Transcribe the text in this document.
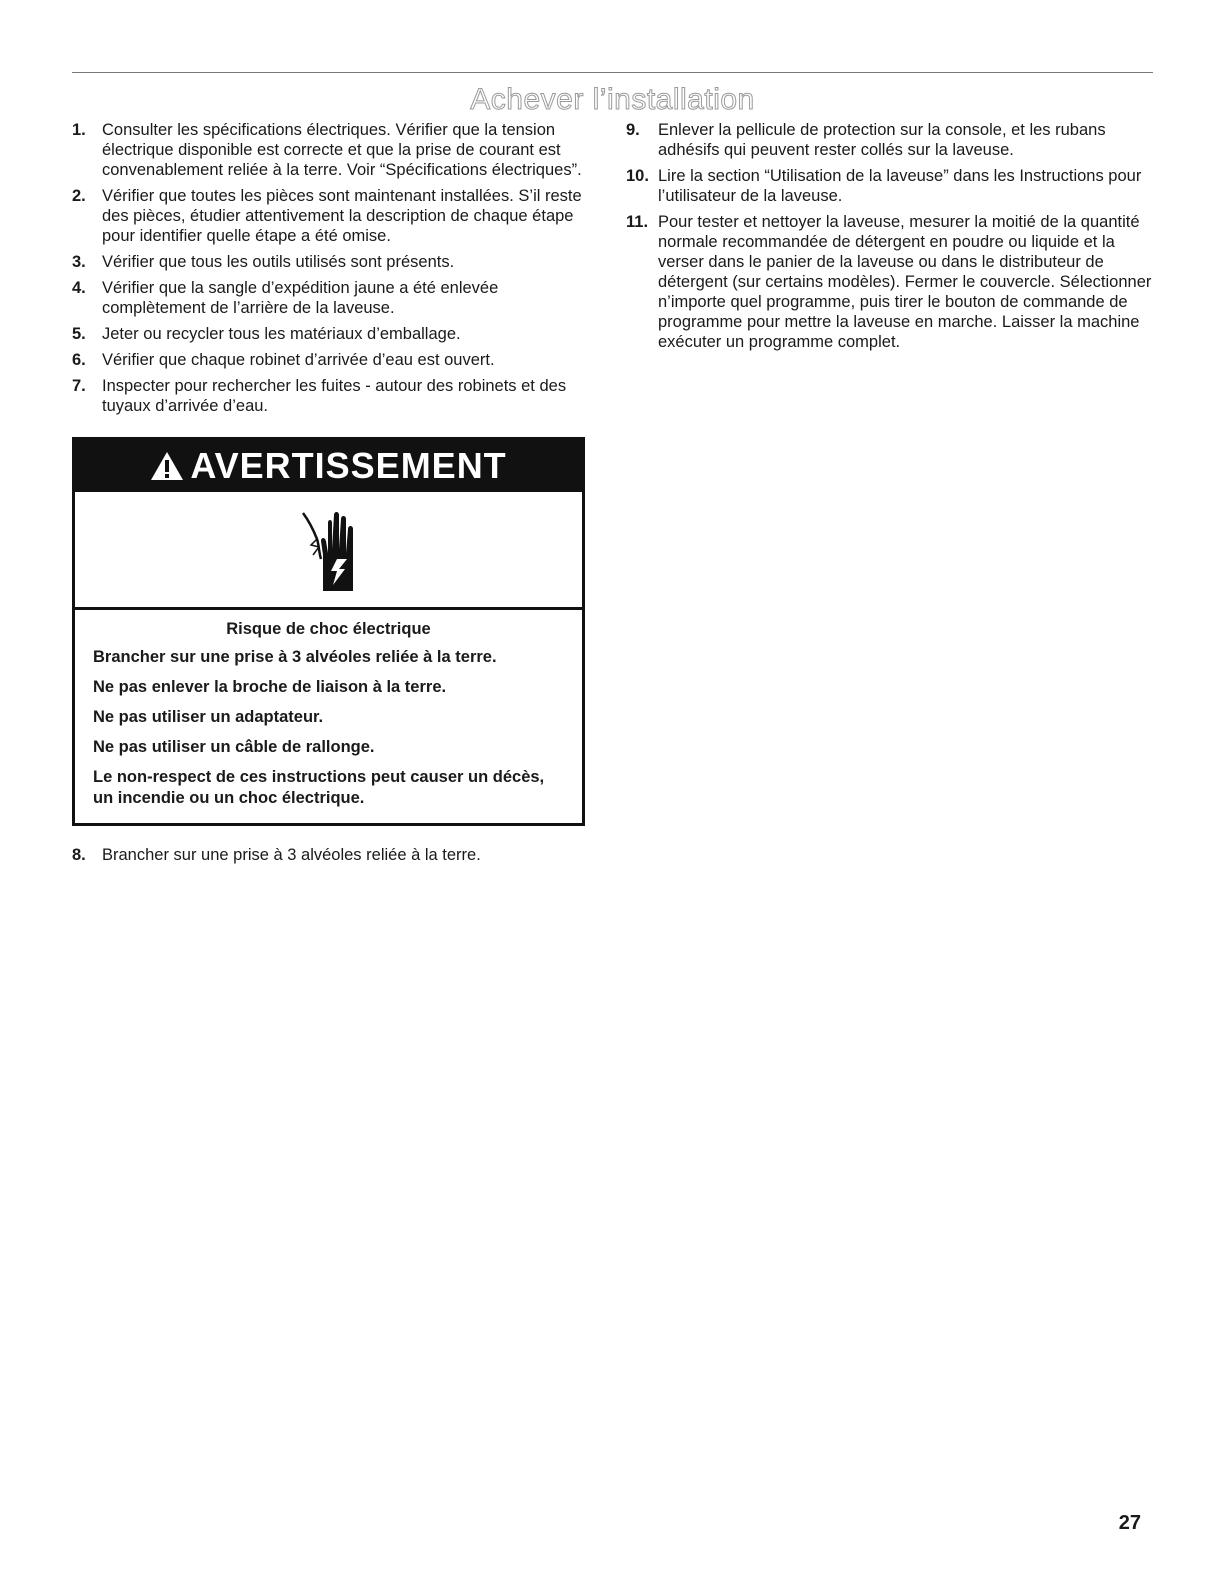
Achever l’installation
1. Consulter les spécifications électriques. Vérifier que la tension électrique disponible est correcte et que la prise de courant est convenablement reliée à la terre. Voir “Spécifications électriques”.
2. Vérifier que toutes les pièces sont maintenant installées. S’il reste des pièces, étudier attentivement la description de chaque étape pour identifier quelle étape a été omise.
3. Vérifier que tous les outils utilisés sont présents.
4. Vérifier que la sangle d’expédition jaune a été enlevée complètement de l’arrière de la laveuse.
5. Jeter ou recycler tous les matériaux d’emballage.
6. Vérifier que chaque robinet d’arrivée d’eau est ouvert.
7. Inspecter pour rechercher les fuites - autour des robinets et des tuyaux d’arrivée d’eau.
AVERTISSEMENT
Risque de choc électrique

Brancher sur une prise à 3 alvéoles reliée à la terre.

Ne pas enlever la broche de liaison à la terre.

Ne pas utiliser un adaptateur.

Ne pas utiliser un câble de rallonge.

Le non-respect de ces instructions peut causer un décès, un incendie ou un choc électrique.

8. Brancher sur une prise à 3 alvéoles reliée à la terre.
9. Enlever la pellicule de protection sur la console, et les rubans adhésifs qui peuvent rester collés sur la laveuse.
10. Lire la section “Utilisation de la laveuse” dans les Instructions pour l’utilisateur de la laveuse.
11. Pour tester et nettoyer la laveuse, mesurer la moitié de la quantité normale recommandée de détergent en poudre ou liquide et la verser dans le panier de la laveuse ou dans le distributeur de détergent (sur certains modèles). Fermer le couvercle. Sélectionner n’importe quel programme, puis tirer le bouton de commande de programme pour mettre la laveuse en marche. Laisser la machine exécuter un programme complet.
27
